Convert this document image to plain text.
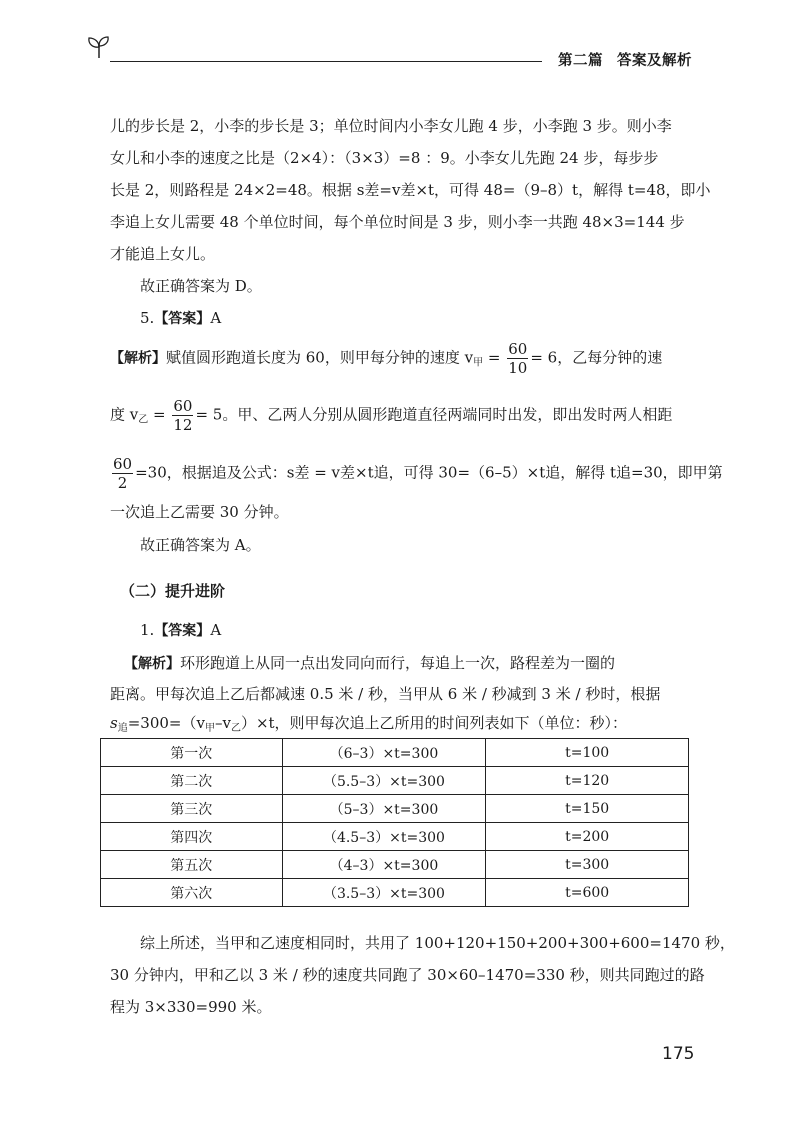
第二篇 答案及解析
儿的步长是 2，小李的步长是 3；单位时间内小李女儿跑 4 步，小李跑 3 步。则小李
女儿和小李的速度之比是（2×4）：（3×3）=8 ：9。小李女儿先跑 24 步，每步步
长是 2，则路程是 24×2=48。根据 s差=v差×t，可得 48=（9–8）t，解得 t=48，即小
李追上女儿需要 48 个单位时间，每个单位时间是 3 步，则小李一共跑 48×3=144 步
才能追上女儿。
故正确答案为 D。
5.【答案】A
【解析】赋值圆形跑道长度为 60，则甲每分钟的速度 $v_甲 = \frac{60}{10} = 6$，乙每分钟的速
度 $v_乙 = \frac{60}{12} = 5$。甲、乙两人分别从圆形跑道直径两端同时出发，即出发时两人相距
$\frac{60}{2} =30$，根据追及公式：s差 = v差×t追，可得 30=（6–5）×t追，解得 t追=30，即甲第
一次追上乙需要 30 分钟。
故正确答案为 A。
（二）提升进阶
1.【答案】A
【解析】环形跑道上从同一点出发同向而行，每追上一次，路程差为一圈的
距离。甲每次追上乙后都减速 0.5 米 / 秒，当甲从 6 米 / 秒减到 3 米 / 秒时，根据
$s_追=300=(v_甲-v_乙)\times t$，则甲每次追上乙所用的时间列表如下（单位：秒）：
第一次	（6–3）×t=300	t=100
第二次	（5.5–3）×t=300	t=120
第三次	（5–3）×t=300	t=150
第四次	（4.5–3）×t=300	t=200
第五次	（4–3）×t=300	t=300
第六次	（3.5–3）×t=300	t=600
综上所述，当甲和乙速度相同时，共用了 100+120+150+200+300+600=1470 秒，
30 分钟内，甲和乙以 3 米 / 秒的速度共同跑了 30×60–1470=330 秒，则共同跑过的路
程为 3×330=990 米。
175
